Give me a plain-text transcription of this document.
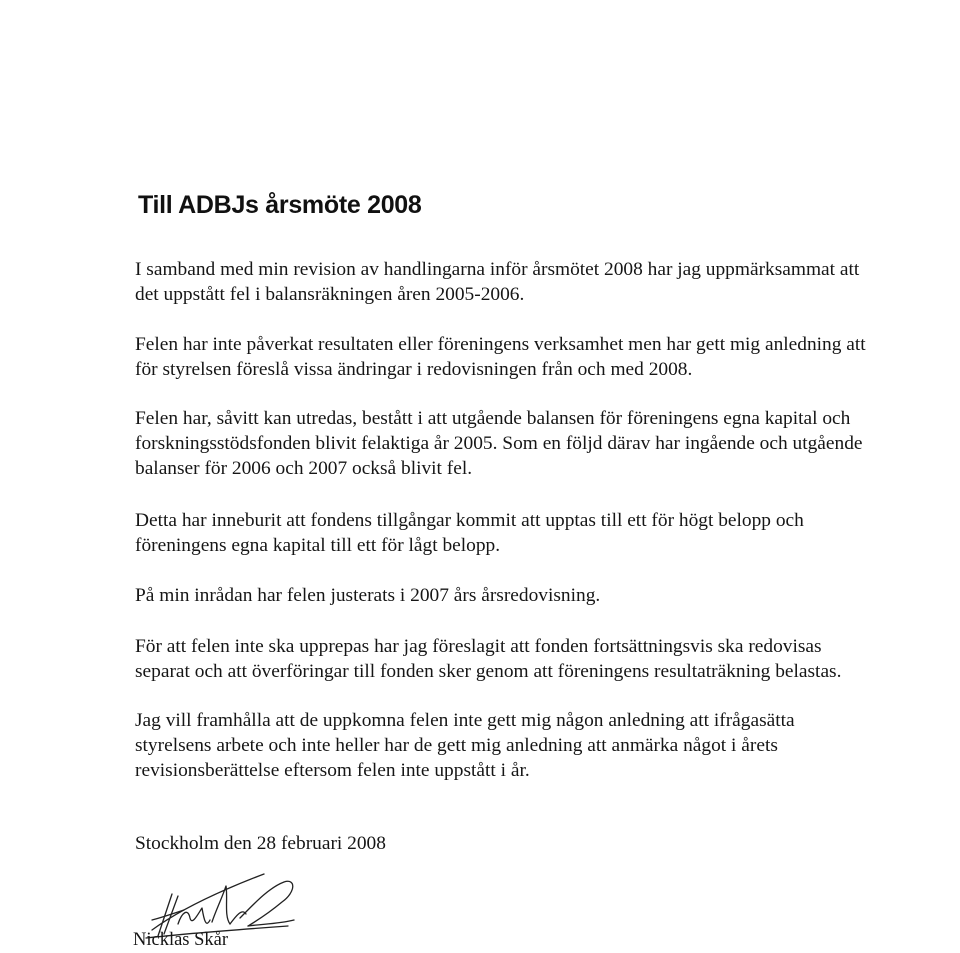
Till ADBJs årsmöte 2008

I samband med min revision av handlingarna inför årsmötet 2008 har jag uppmärksammat att
det uppstått fel i balansräkningen åren 2005-2006.

Felen har inte påverkat resultaten eller föreningens verksamhet men har gett mig anledning att
för styrelsen föreslå vissa ändringar i redovisningen från och med 2008.

Felen har, såvitt kan utredas, bestått i att utgående balansen för föreningens egna kapital och
forskningsstödsfonden blivit felaktiga år 2005. Som en följd därav har ingående och utgående
balanser för 2006 och 2007 också blivit fel.

Detta har inneburit att fondens tillgångar kommit att upptas till ett för högt belopp och
föreningens egna kapital till ett för lågt belopp.

På min inrådan har felen justerats i 2007 års årsredovisning.

För att felen inte ska upprepas har jag föreslagit att fonden fortsättningsvis ska redovisas
separat och att överföringar till fonden sker genom att föreningens resultaträkning belastas.

Jag vill framhålla att de uppkomna felen inte gett mig någon anledning att ifrågasätta
styrelsens arbete och inte heller har de gett mig anledning att anmärka något i årets
revisionsberättelse eftersom felen inte uppstått i år.

Stockholm den 28 februari 2008
Nicklas Skår
